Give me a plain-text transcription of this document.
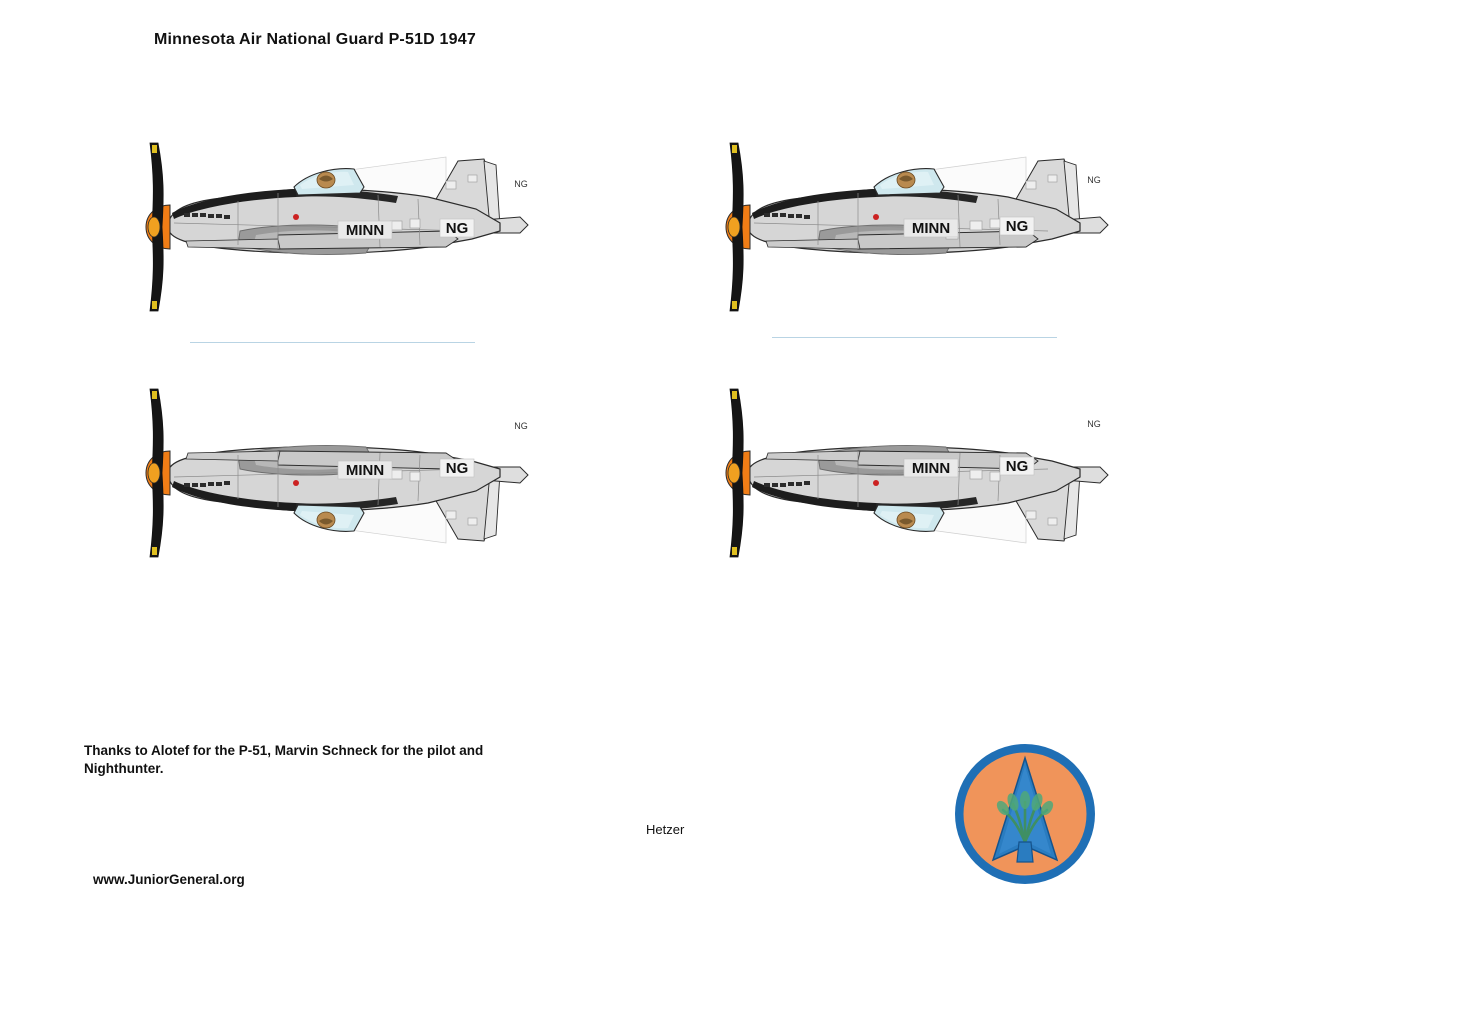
Minnesota Air National Guard P-51D 1947
MINN	NG
NG
MINN	NG
NG
MINN	NG
NG
MINN	NG
NG
Thanks to Alotef for the P-51, Marvin Schneck for the pilot and Nighthunter.
Hetzer
www.JuniorGeneral.org
